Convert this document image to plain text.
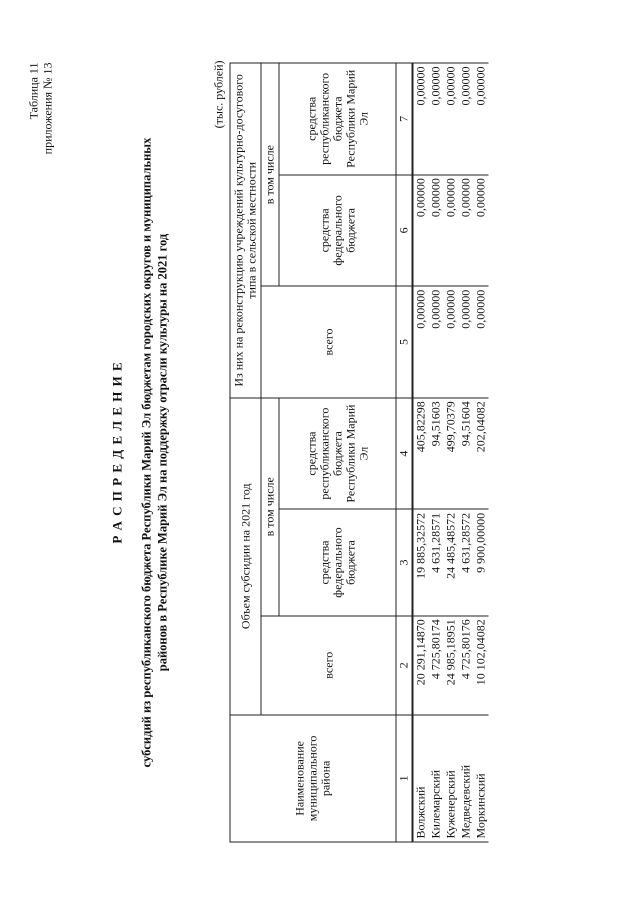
Таблица 11 приложения № 13
Р А С П Р Е Д Е Л Е Н И Е субсидий из республиканского бюджета Республики Марий Эл бюджетам городских округов и муниципальных районов в Республике Марий Эл на поддержку отрасли культуры на 2021 год
(тыс. рублей)
Наименование муниципального района	Объем субсидии на 2021 год			Из них на реконструкцию учреждений культурно-досугового типа в сельской местности		
	всего	в том числе		всего	в том числе	
		средства федерального бюджета	средства республиканского бюджета Республики Марий Эл		средства федерального бюджета	средства республиканского бюджета Республики Марий Эл
1	2	3	4	5	6	7
Волжский	20 291,14870	19 885,32572	405,82298	0,00000	0,00000	0,00000
Килемарский	4 725,80174	4 631,28571	94,51603	0,00000	0,00000	0,00000
Куженерский	24 985,18951	24 485,48572	499,70379	0,00000	0,00000	0,00000
Медведевский	4 725,80176	4 631,28572	94,51604	0,00000	0,00000	0,00000
Моркинский	10 102,04082	9 900,00000	202,04082	0,00000	0,00000	0,00000
